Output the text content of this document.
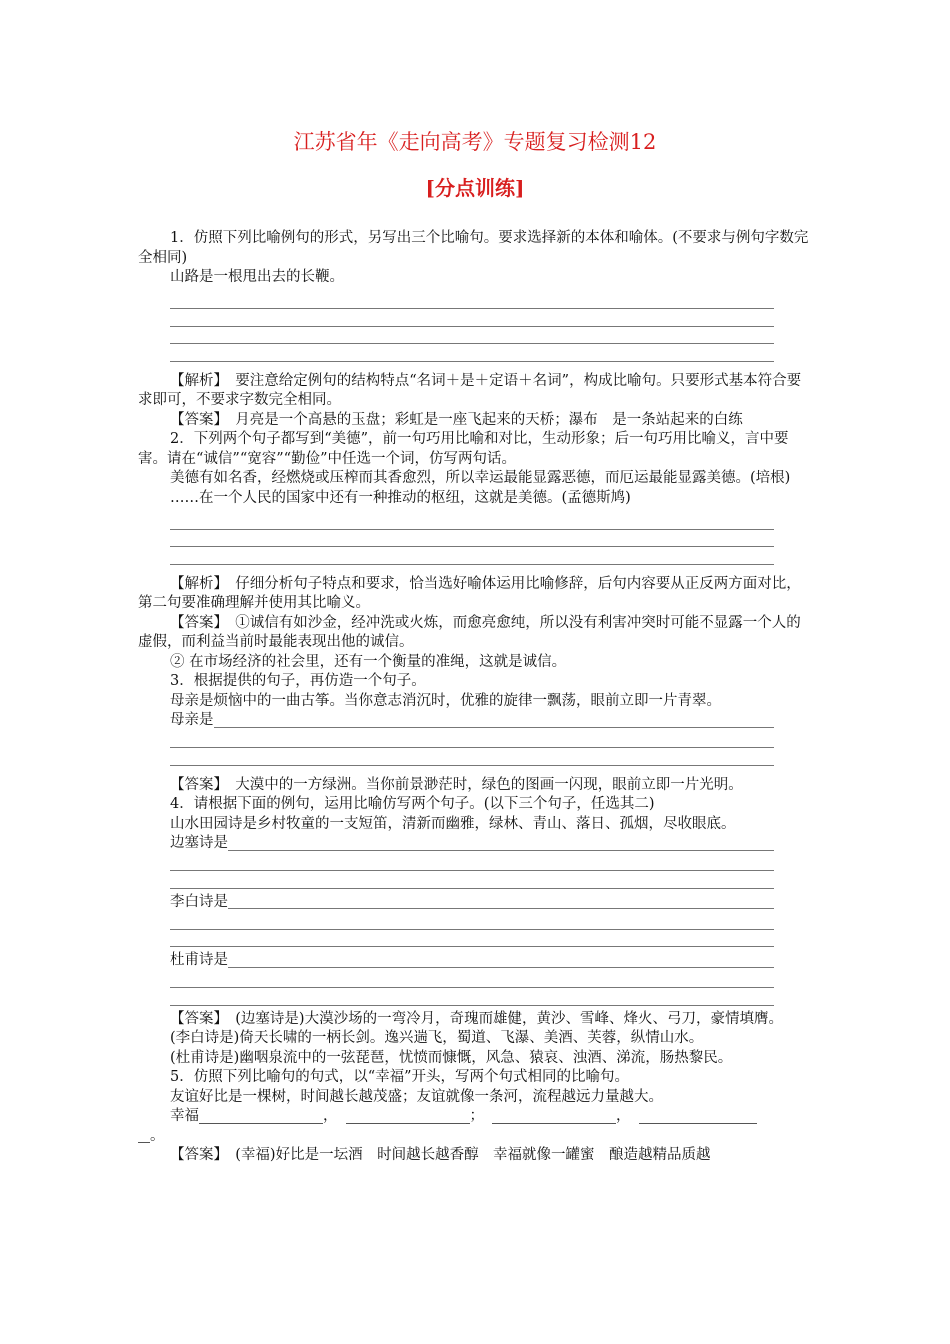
江苏省年《走向高考》专题复习检测12
[分点训练]

1．仿照下列比喻例句的形式，另写出三个比喻句。要求选择新的本体和喻体。(不要求与例句字数完全相同)

山路是一根甩出去的长鞭。

【解析】　 要注意给定例句的结构特点“名词＋是＋定语＋名词”，构成比喻句。只要形式基本符合要求即可，不要求字数完全相同。

【答案】　 月亮是一个高悬的玉盘；彩虹是一座飞起来的天桥；瀑布　是一条站起来的白练

2．下列两个句子都写到“美德”，前一句巧用比喻和对比，生动形象；后一句巧用比喻义，言中要害。请在“诚信”“宽容”“勤俭”中任选一个词，仿写两句话。

美德有如名香，经燃烧或压榨而其香愈烈，所以幸运最能显露恶德，而厄运最能显露美德。(培根)

……在一个人民的国家中还有一种推动的枢纽，这就是美德。(孟德斯鸠)

【解析】　 仔细分析句子特点和要求，恰当选好喻体运用比喻修辞，后句内容要从正反两方面对比，第二句要准确理解并使用其比喻义。

【答案】　 ①诚信有如沙金，经冲洗或火炼，而愈亮愈纯，所以没有利害冲突时可能不显露一个人的虚假，而利益当前时最能表现出他的诚信。

② 在市场经济的社会里，还有一个衡量的准绳，这就是诚信。

3．根据提供的句子，再仿造一个句子。

母亲是烦恼中的一曲古筝。当你意志消沉时，优雅的旋律一飘荡，眼前立即一片青翠。

母亲是

【答案】　 大漠中的一方绿洲。当你前景渺茫时，绿色的图画一闪现，眼前立即一片光明。

4．请根据下面的例句，运用比喻仿写两个句子。(以下三个句子，任选其二)

山水田园诗是乡村牧童的一支短笛，清新而幽雅，绿林、青山、落日、孤烟，尽收眼底。

边塞诗是
李白诗是
杜甫诗是

【答案】　 (边塞诗是)大漠沙场的一弯冷月，奇瑰而雄健，黄沙、雪峰、烽火、弓刀，豪情填膺。

(李白诗是)倚天长啸的一柄长剑。逸兴遄飞，蜀道、飞瀑、美酒、芙蓉，纵情山水。

(杜甫诗是)幽咽泉流中的一弦琵琶，忧愤而慷慨，风急、猿哀、浊酒、涕流，肠热黎民。

5．仿照下列比喻句的句式，以“幸福”开头，写两个句式相同的比喻句。

友谊好比是一棵树，时间越长越茂盛；友谊就像一条河，流程越远力量越大。

幸福	，	；	，
。

【答案】　 (幸福)好比是一坛酒　时间越长越香醇　幸福就像一罐蜜　酿造越精品质越
